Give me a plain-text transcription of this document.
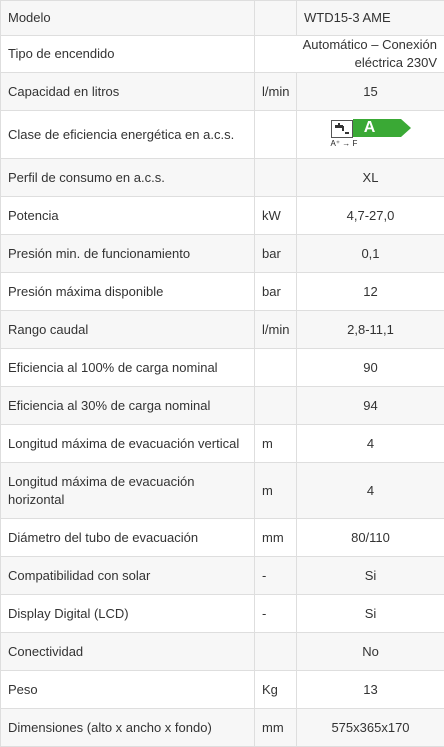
Modelo		WTD15-3 AME
Tipo de encendido	Automático – Conexión eléctrica 230V	
Capacidad en litros	l/min	15
Clase de eficiencia energética en a.c.s.		A
A⁺ → F

Perfil de consumo en a.c.s.		XL
Potencia	kW	4,7-27,0
Presión min. de funcionamiento	bar	0,1
Presión máxima disponible	bar	12
Rango caudal	l/min	2,8-11,1
Eficiencia al 100% de carga nominal		90
Eficiencia al 30% de carga nominal		94
Longitud máxima de evacuación vertical	m	4
Longitud máxima de evacuación horizontal	m	4
Diámetro del tubo de evacuación	mm	80/110
Compatibilidad con solar	-	Si
Display Digital (LCD)	-	Si
Conectividad		No
Peso	Kg	13
Dimensiones (alto x ancho x fondo)	mm	575x365x170
